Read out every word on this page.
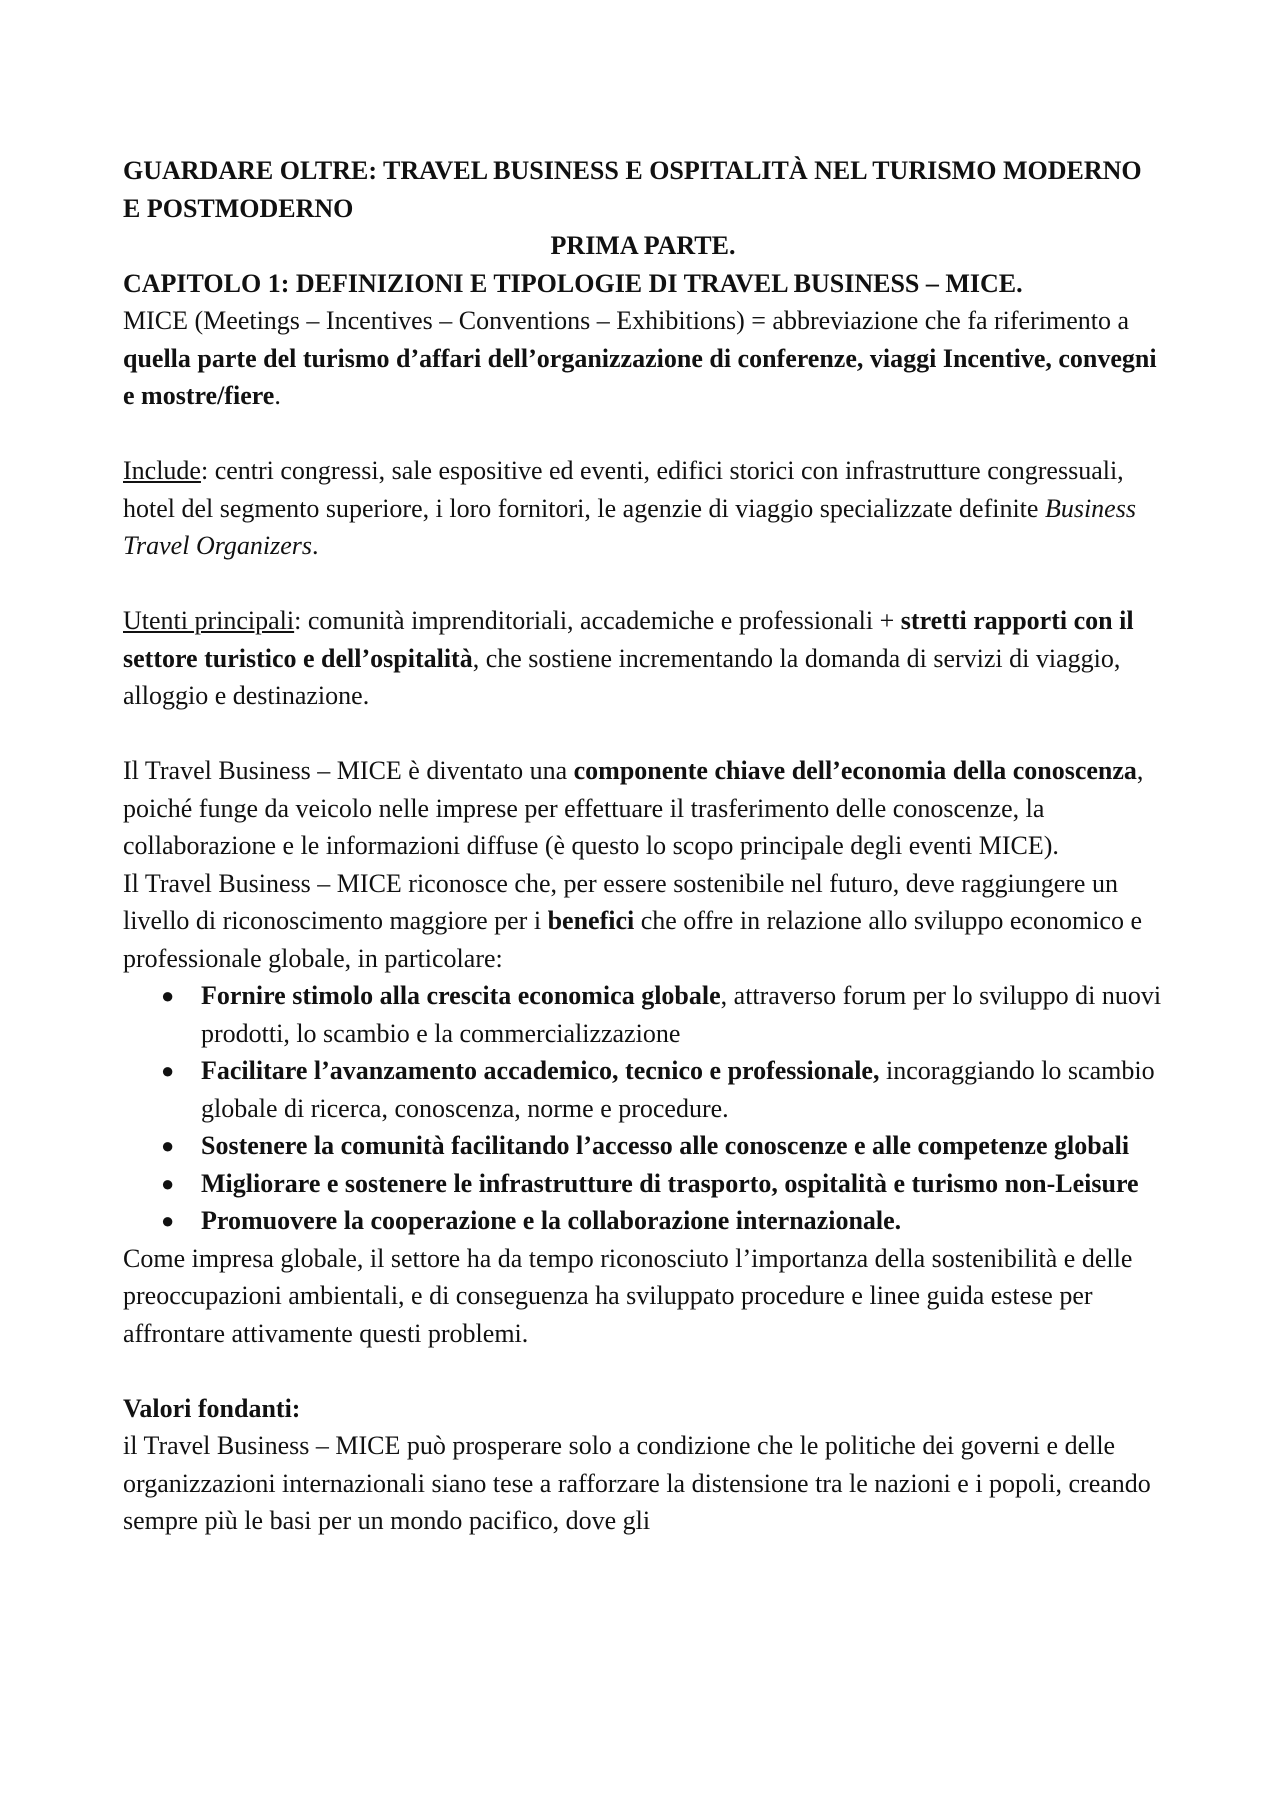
GUARDARE OLTRE: TRAVEL BUSINESS E OSPITALITÀ NEL TURISMO MODERNO E POSTMODERNO

PRIMA PARTE.

CAPITOLO 1: DEFINIZIONI E TIPOLOGIE DI TRAVEL BUSINESS – MICE.

MICE (Meetings – Incentives – Conventions – Exhibitions) = abbreviazione che fa riferimento a quella parte del turismo d’affari dell’organizzazione di conferenze, viaggi Incentive, convegni e mostre/fiere.

Include: centri congressi, sale espositive ed eventi, edifici storici con infrastrutture congressuali, hotel del segmento superiore, i loro fornitori, le agenzie di viaggio specializzate definite Business Travel Organizers.

Utenti principali: comunità imprenditoriali, accademiche e professionali + stretti rapporti con il settore turistico e dell’ospitalità, che sostiene incrementando la domanda di servizi di viaggio, alloggio e destinazione.

Il Travel Business – MICE è diventato una componente chiave dell’economia della conoscenza, poiché funge da veicolo nelle imprese per effettuare il trasferimento delle conoscenze, la collaborazione e le informazioni diffuse (è questo lo scopo principale degli eventi MICE).

Il Travel Business – MICE riconosce che, per essere sostenibile nel futuro, deve raggiungere un livello di riconoscimento maggiore per i benefici che offre in relazione allo sviluppo economico e professionale globale, in particolare:

● Fornire stimolo alla crescita economica globale, attraverso forum per lo sviluppo di nuovi prodotti, lo scambio e la commercializzazione
● Facilitare l’avanzamento accademico, tecnico e professionale, incoraggiando lo scambio globale di ricerca, conoscenza, norme e procedure.
● Sostenere la comunità facilitando l’accesso alle conoscenze e alle competenze globali
● Migliorare e sostenere le infrastrutture di trasporto, ospitalità e turismo non-Leisure
● Promuovere la cooperazione e la collaborazione internazionale.

Come impresa globale, il settore ha da tempo riconosciuto l’importanza della sostenibilità e delle preoccupazioni ambientali, e di conseguenza ha sviluppato procedure e linee guida estese per affrontare attivamente questi problemi.

Valori fondanti:

il Travel Business – MICE può prosperare solo a condizione che le politiche dei governi e delle organizzazioni internazionali siano tese a rafforzare la distensione tra le nazioni e i popoli, creando sempre più le basi per un mondo pacifico, dove gli
